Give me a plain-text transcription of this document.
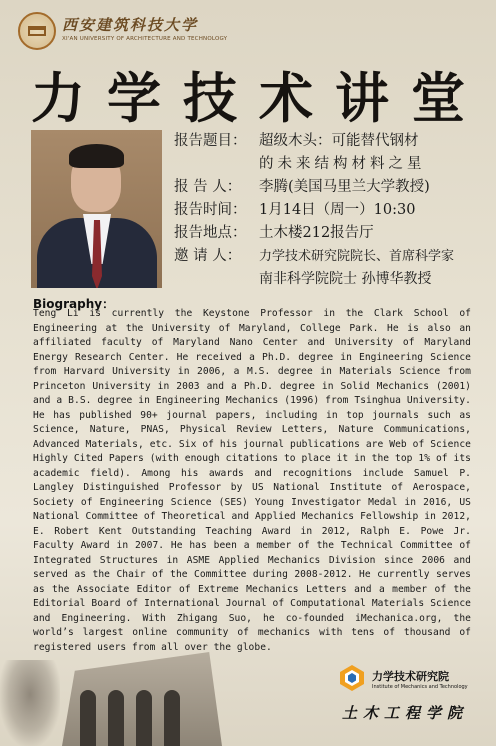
西安建筑科技大学
XI'AN UNIVERSITY OF ARCHITECTURE AND TECHNOLOGY
力学技术讲堂
报告题目： 超级木头：可能替代钢材
的未来结构材料之星
报 告 人：	李腾(美国马里兰大学教授)
报告时间： 1月14日（周一）10:30
报告地点： 土木楼212报告厅
邀 请 人：	力学技术研究院院长、首席科学家
南非科学院院士 孙博华教授
Biography：

Teng Li is currently the Keystone Professor in the Clark School of Engineering at the University of Maryland, College Park. He is also an affiliated faculty of Maryland Nano Center and University of Maryland Energy Research Center. He received a Ph.D. degree in Engineering Science from Harvard University in 2006, a M.S. degree in Materials Science from Princeton University in 2003 and a Ph.D. degree in Solid Mechanics (2001) and a B.S. degree in Engineering Mechanics (1996) from Tsinghua University. He has published 90+ journal papers, including in top journals such as Science, Nature, PNAS, Physical Review Letters, Nature Communications, Advanced Materials, etc. Six of his journal publications are Web of Science Highly Cited Papers (with enough citations to place it in the top 1% of its academic field). Among his awards and recognitions include Samuel P. Langley Distinguished Professor by US National Institute of Aerospace, Society of Engineering Science (SES) Young Investigator Medal in 2016, US National Committee of Theoretical and Applied Mechanics Fellowship in 2012, E. Robert Kent Outstanding Teaching Award in 2012, Ralph E. Powe Jr. Faculty Award in 2007. He has been a member of the Technical Committee of Integrated Structures in ASME Applied Mechanics Division since 2006 and served as the Chair of the Committee during 2008-2012. He currently serves as the Associate Editor of Extreme Mechanics Letters and a member of the Editorial Board of International Journal of Computational Materials Science and Engineering. With Zhigang Suo, he co-founded iMechanica.org, the world’s largest online community of mechanics with tens of thousand of registered users from all over the globe.

力学技术研究院
Institute of Mechanics and Technology
土木工程学院
